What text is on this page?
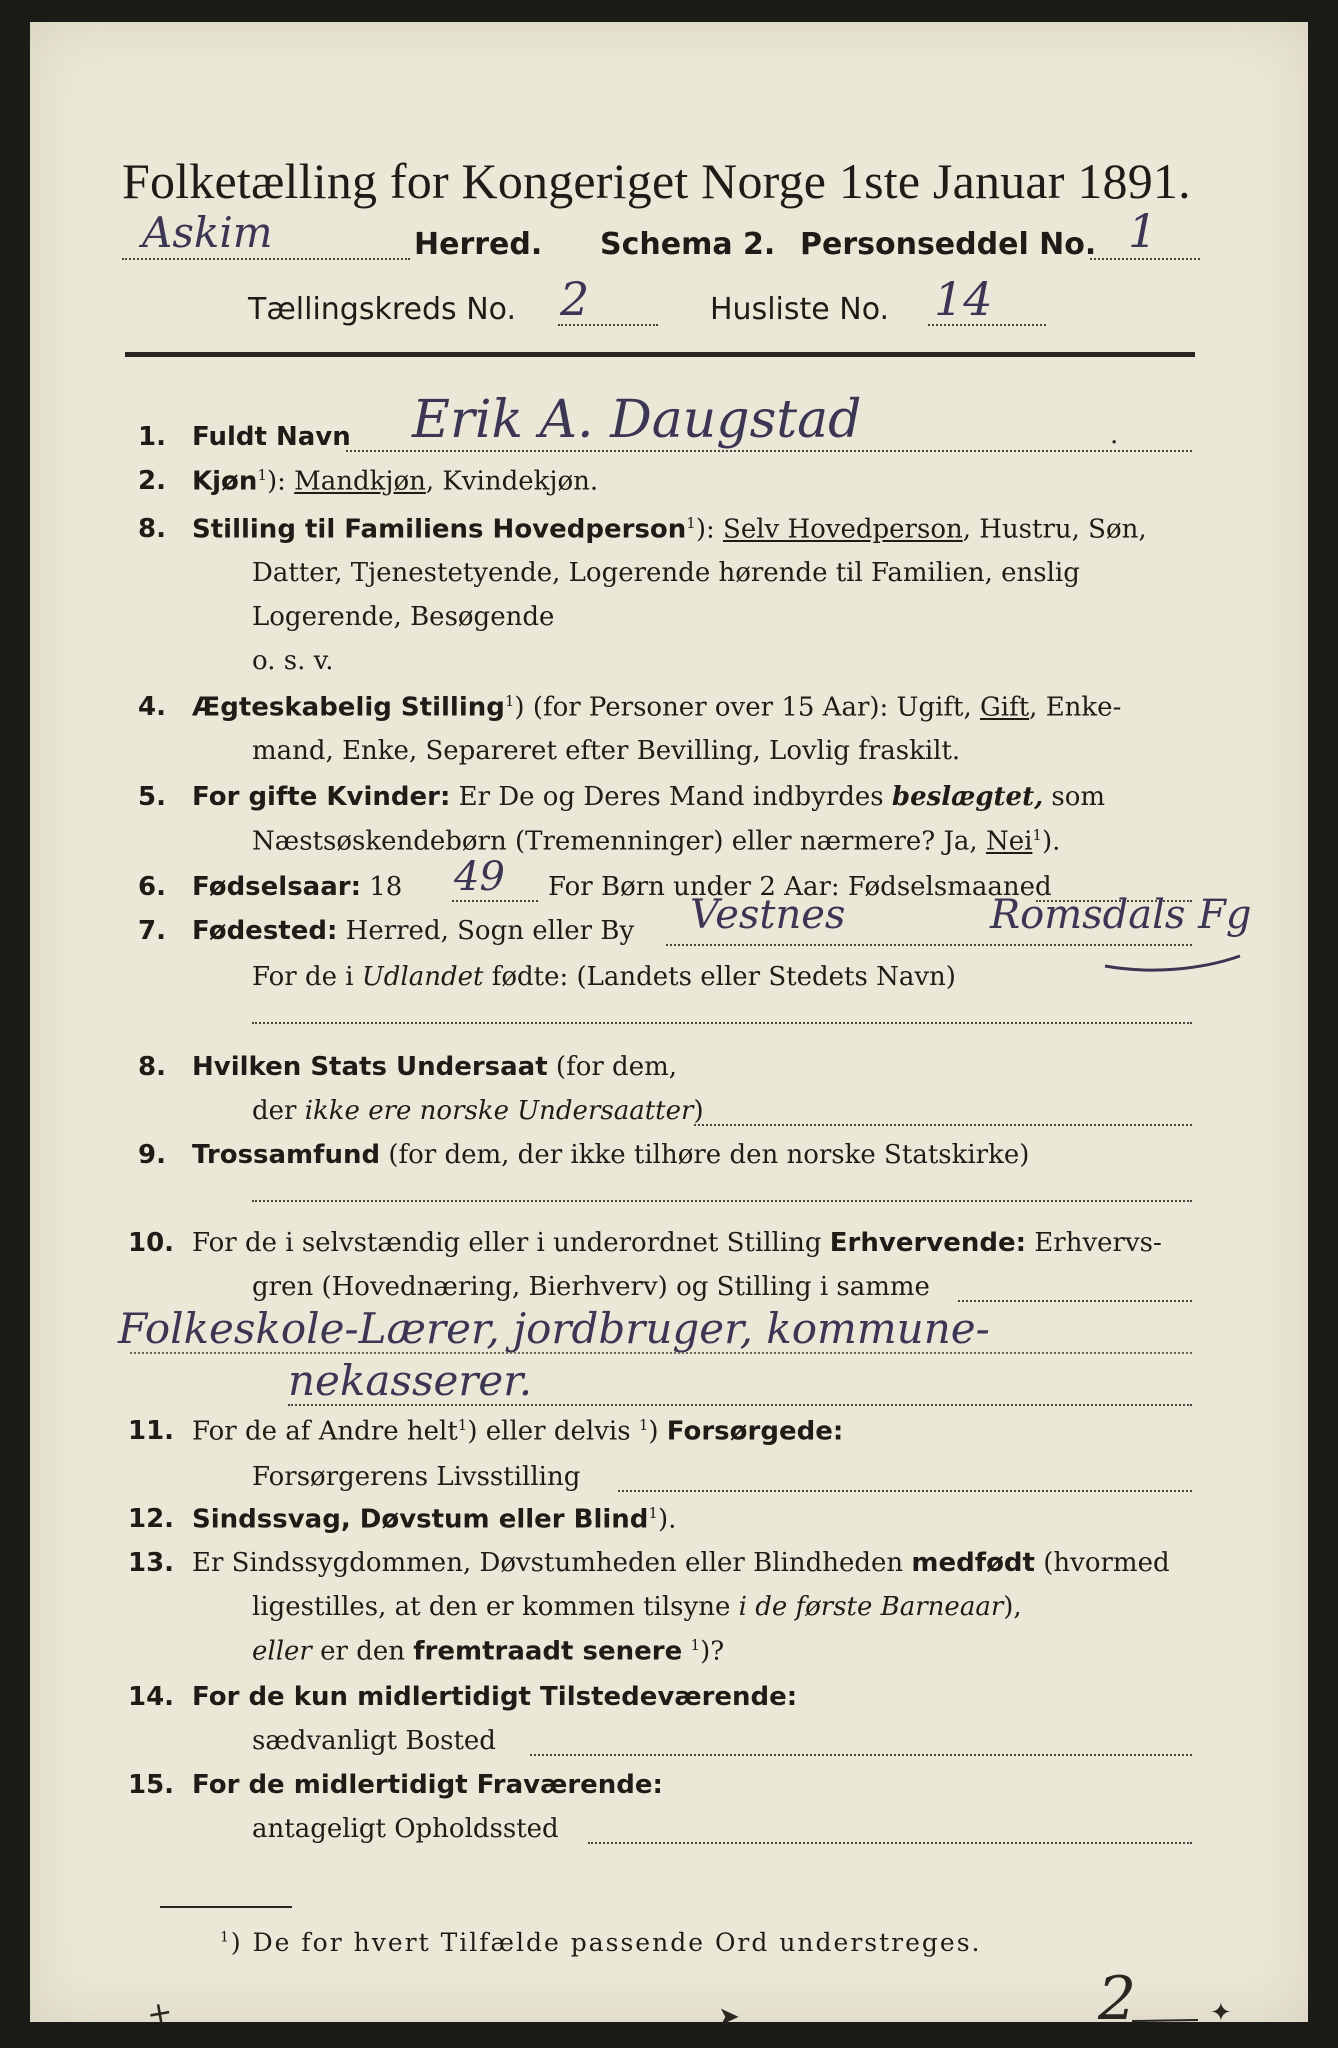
Folketælling for Kongeriget Norge 1ste Januar 1891.
Askim	Herred. Schema 2. Personseddel No. 1
Tællingskreds No. 2	Husliste No. 14
1. Fuldt Navn Erik A. Daugstad	.
2. Kjøn$^1$): Mandkjøn, Kvindekjøn.
8. Stilling til Familiens Hovedperson$^1$): Selv Hovedperson, Hustru, Søn,
Datter, Tjenestetyende, Logerende hørende til Familien, enslig
Logerende, Besøgende
o. s. v.
4. Ægteskabelig Stilling$^1$) (for Personer over 15 Aar): Ugift, Gift, Enke-
mand, Enke, Separeret efter Bevilling, Lovlig fraskilt.
5. For gifte Kvinder: Er De og Deres Mand indbyrdes beslægtet, som
Næstsøskendebørn (Tremenninger) eller nærmere? Ja, Nei$^1$).
6. Fødselsaar: 18 49 For Børn under 2 Aar: Fødselsmaaned
7. Fødested: Herred, Sogn eller By Vestnes	Romsdals Fg
For de i Udlandet fødte: (Landets eller Stedets Navn)
8. Hvilken Stats Undersaat (for dem,
der ikke ere norske Undersaatter)
9. Trossamfund (for dem, der ikke tilhøre den norske Statskirke)
10. For de i selvstændig eller i underordnet Stilling Erhvervende: Erhvervs-
gren (Hovednæring, Bierhverv) og Stilling i samme
Folkeskole-Lærer, jordbruger, kommune-
nekasserer.
11. For de af Andre helt$^1$) eller delvis $^1$) Forsørgede:
Forsørgerens Livsstilling
12. Sindssvag, Døvstum eller Blind$^1$).
13. Er Sindssygdommen, Døvstumheden eller Blindheden medfødt (hvormed
ligestilles, at den er kommen tilsyne i de første Barneaar),
eller er den fremtraadt senere $^1$)?
14. For de kun midlertidigt Tilstedeværende:
sædvanligt Bosted
15. For de midlertidigt Fraværende:
antageligt Opholdssted
$^1$) De for hvert Tilfælde passende Ord understreges.
✕	➤	✦
2
